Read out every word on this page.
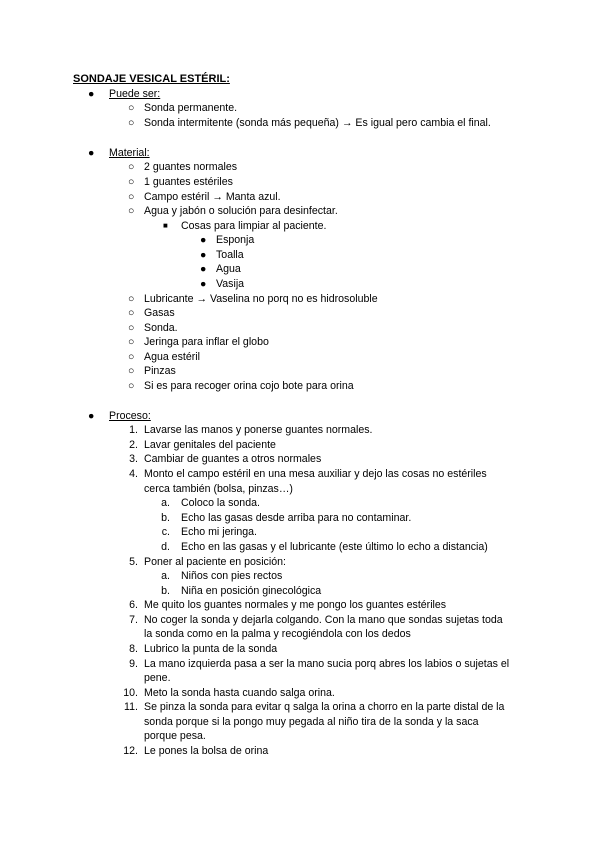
SONDAJE VESICAL ESTÉRIL:
● Puede ser:
○ Sonda permanente.
○ Sonda intermitente (sonda más pequeña) → Es igual pero cambia el final.
● Material:
○ 2 guantes normales
○ 1 guantes estériles
○ Campo estéril → Manta azul.
○ Agua y jabón o solución para desinfectar.
■ Cosas para limpiar al paciente.
● Esponja
● Toalla
● Agua
● Vasija
○ Lubricante → Vaselina no porq no es hidrosoluble
○ Gasas
○ Sonda.
○ Jeringa para inflar el globo
○ Agua estéril
○ Pinzas
○ Si es para recoger orina cojo bote para orina
● Proceso:
1. Lavarse las manos y ponerse guantes normales.
2. Lavar genitales del paciente
3. Cambiar de guantes a otros normales
4. Monto el campo estéril en una mesa auxiliar y dejo las cosas no estériles
cerca también (bolsa, pinzas…)
a. Coloco la sonda.
b. Echo las gasas desde arriba para no contaminar.
c. Echo mi jeringa.
d. Echo en las gasas y el lubricante (este último lo echo a distancia)
5. Poner al paciente en posición:
a. Niños con pies rectos
b. Niña en posición ginecológica
6. Me quito los guantes normales y me pongo los guantes estériles
7. No coger la sonda y dejarla colgando. Con la mano que sondas sujetas toda
la sonda como en la palma y recogiéndola con los dedos
8. Lubrico la punta de la sonda
9. La mano izquierda pasa a ser la mano sucia porq abres los labios o sujetas el
pene.
10. Meto la sonda hasta cuando salga orina.
11. Se pinza la sonda para evitar q salga la orina a chorro en la parte distal de la
sonda porque si la pongo muy pegada al niño tira de la sonda y la saca
porque pesa.
12. Le pones la bolsa de orina
